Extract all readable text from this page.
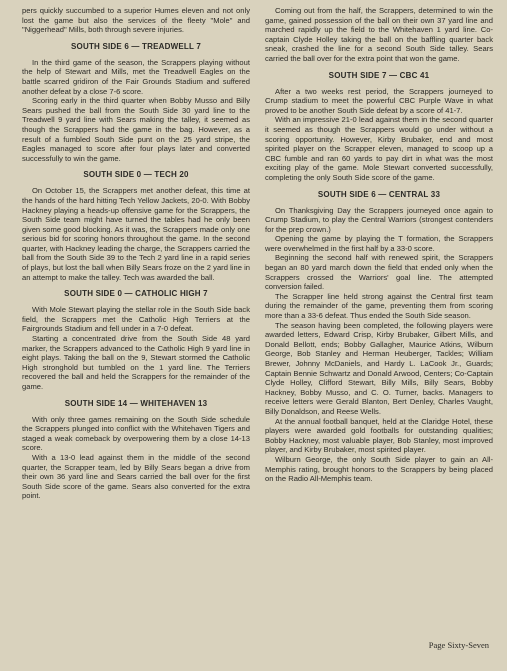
pers quickly succumbed to a superior Humes eleven and not only lost the game but also the services of the fleety "Mole" and "Niggerhead" Mills, both through severe injuries.

SOUTH SIDE 6 — TREADWELL 7

In the third game of the season, the Scrappers playing without the help of Stewart and Mills, met the Treadwell Eagles on the battle scarred gridiron of the Fair Grounds Stadium and suffered another defeat by a close 7-6 score.

Scoring early in the third quarter when Bobby Musso and Billy Sears pushed the ball from the South Side 30 yard line to the Treadwell 9 yard line with Sears making the talley, it seemed as though the Scrappers had the game in the bag. However, as a result of a fumbled South Side punt on the 25 yard stripe, the Eagles managed to score after four plays later and converted successfully to win the game.

SOUTH SIDE 0 — TECH 20

On October 15, the Scrappers met another defeat, this time at the hands of the hard hitting Tech Yellow Jackets, 20-0. With Bobby Hackney playing a heads-up offensive game for the Scrappers, the South Side team might have turned the tables had he only been given some good blocking. As it was, the Scrappers made only one serious bid for scoring honors throughout the game. In the second quarter, with Hackney leading the charge, the Scrappers carried the ball from the South Side 39 to the Tech 2 yard line in a rapid series of plays, but lost the ball when Billy Sears froze on the 2 yard line in an attempt to make the talley. Tech was awarded the ball.

SOUTH SIDE 0 — CATHOLIC HIGH 7

With Mole Stewart playing the stellar role in the South Side back field, the Scrappers met the Catholic High Terriers at the Fairgrounds Stadium and fell under in a 7-0 defeat.

Starting a concentrated drive from the South Side 48 yard marker, the Scrappers advanced to the Catholic High 9 yard line in eight plays. Taking the ball on the 9, Stewart stormed the Catholic High stronghold but tumbled on the 1 yard line. The Terriers recovered the ball and held the Scrappers for the remainder of the game.

SOUTH SIDE 14 — WHITEHAVEN 13

With only three games remaining on the South Side schedule the Scrappers plunged into conflict with the Whitehaven Tigers and staged a weak comeback by overpowering them by a close 14-13 score.

With a 13-0 lead against them in the middle of the second quarter, the Scrapper team, led by Billy Sears began a drive from their own 36 yard line and Sears carried the ball over for the first South Side score of the game. Sears also converted for the extra point.

Coming out from the half, the Scrappers, determined to win the game, gained possession of the ball on their own 37 yard line and marched rapidly up the field to the Whitehaven 1 yard line. Co-captain Clyde Holley taking the ball on the baffling quarter back sneak, crashed the line for a second South Side talley. Sears carried the ball over for the extra point that won the game.

SOUTH SIDE 7 — CBC 41

After a two weeks rest period, the Scrappers journeyed to Crump stadium to meet the powerful CBC Purple Wave in what proved to be another South Side defeat by a score of 41-7.

With an impressive 21-0 lead against them in the second quarter it seemed as though the Scrappers would go under without a scoring opportunity. However, Kirby Brubaker, end and most spirited player on the Scrapper eleven, managed to scoop up a CBC fumble and ran 60 yards to pay dirt in what was the most exciting play of the game. Mole Stewart converted successfully, completing the only South Side score of the game.

SOUTH SIDE 6 — CENTRAL 33

On Thanksgiving Day the Scrappers journeyed once again to Crump Stadium, to play the Central Warriors (strongest contenders for the prep crown.)

Opening the game by playing the T formation, the Scrappers were overwhelmed in the first half by a 33-0 score.

Beginning the second half with renewed spirit, the Scrappers began an 80 yard march down the field that ended only when the Scrappers crossed the Warriors' goal line. The attempted conversion failed.

The Scrapper line held strong against the Central first team during the remainder of the game, preventing them from scoring more than a 33-6 defeat. Thus ended the South Side season.

The season having been completed, the following players were awarded letters, Edward Crisp, Kirby Brubaker, Gilbert Mills, and Donald Bellott, ends; Bobby Gallagher, Maurice Atkins, Wilburn George, Bob Stanley and Herman Heuberger, Tackles; William Brewer, Johnny McDaniels, and Hardy L. LaCook Jr., Guards; Captain Bennie Schwartz and Donald Arwood, Centers; Co-Captain Clyde Holley, Clifford Stewart, Billy Mills, Billy Sears, Bobby Hackney, Bobby Musso, and C. O. Turner, backs. Managers to receive letters were Gerald Blanton, Bert Denley, Charles Vaught, Billy Donaldson, and Reese Wells.

At the annual football banquet, held at the Claridge Hotel, these players were awarded gold footballs for outstanding qualities; Bobby Hackney, most valuable player, Bob Stanley, most improved player, and Kirby Brubaker, most spirited player.

Wilburn George, the only South Side player to gain an All-Memphis rating, brought honors to the Scrappers by being placed on the Radio All-Memphis team.

Page Sixty-Seven
